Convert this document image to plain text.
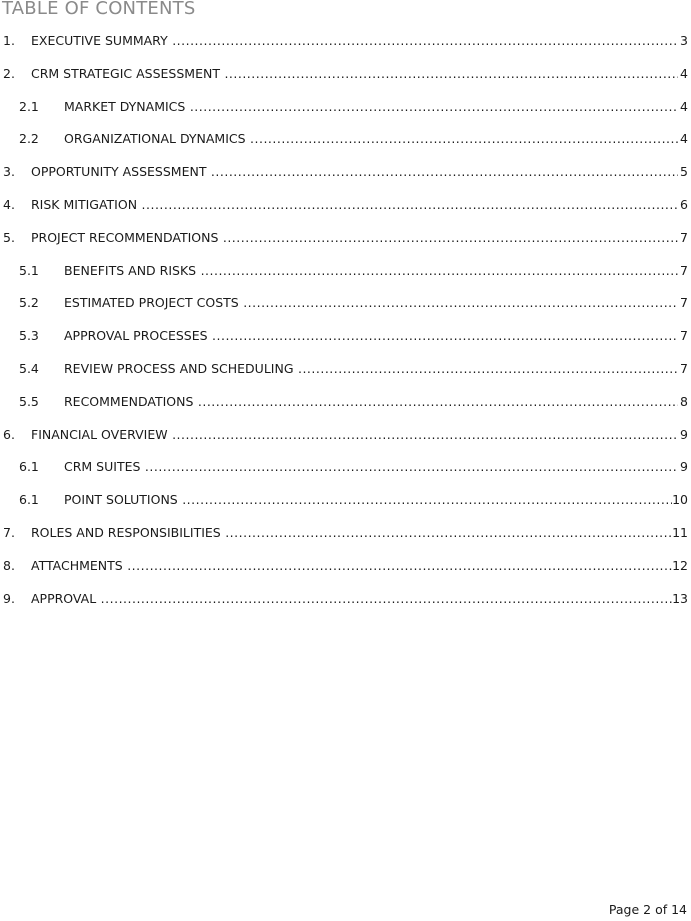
TABLE OF CONTENTS
1. EXECUTIVE SUMMARY .....	3
2. CRM STRATEGIC ASSESSMENT .....	4
2.1 MARKET DYNAMICS .....	4
2.2 ORGANIZATIONAL DYNAMICS .....	4
3. OPPORTUNITY ASSESSMENT .....	5
4. RISK MITIGATION .....	6
5. PROJECT RECOMMENDATIONS .....	7
5.1 BENEFITS AND RISKS .....	7
5.2 ESTIMATED PROJECT COSTS .....	7
5.3 APPROVAL PROCESSES .....	7
5.4 REVIEW PROCESS AND SCHEDULING .....	7
5.5 RECOMMENDATIONS .....	8
6. FINANCIAL OVERVIEW .....	9
6.1 CRM SUITES .....	9
6.1 POINT SOLUTIONS .....	10
7. ROLES AND RESPONSIBILITIES .....	11
8. ATTACHMENTS .....	12
9. APPROVAL .....	13
Page 2 of 14
